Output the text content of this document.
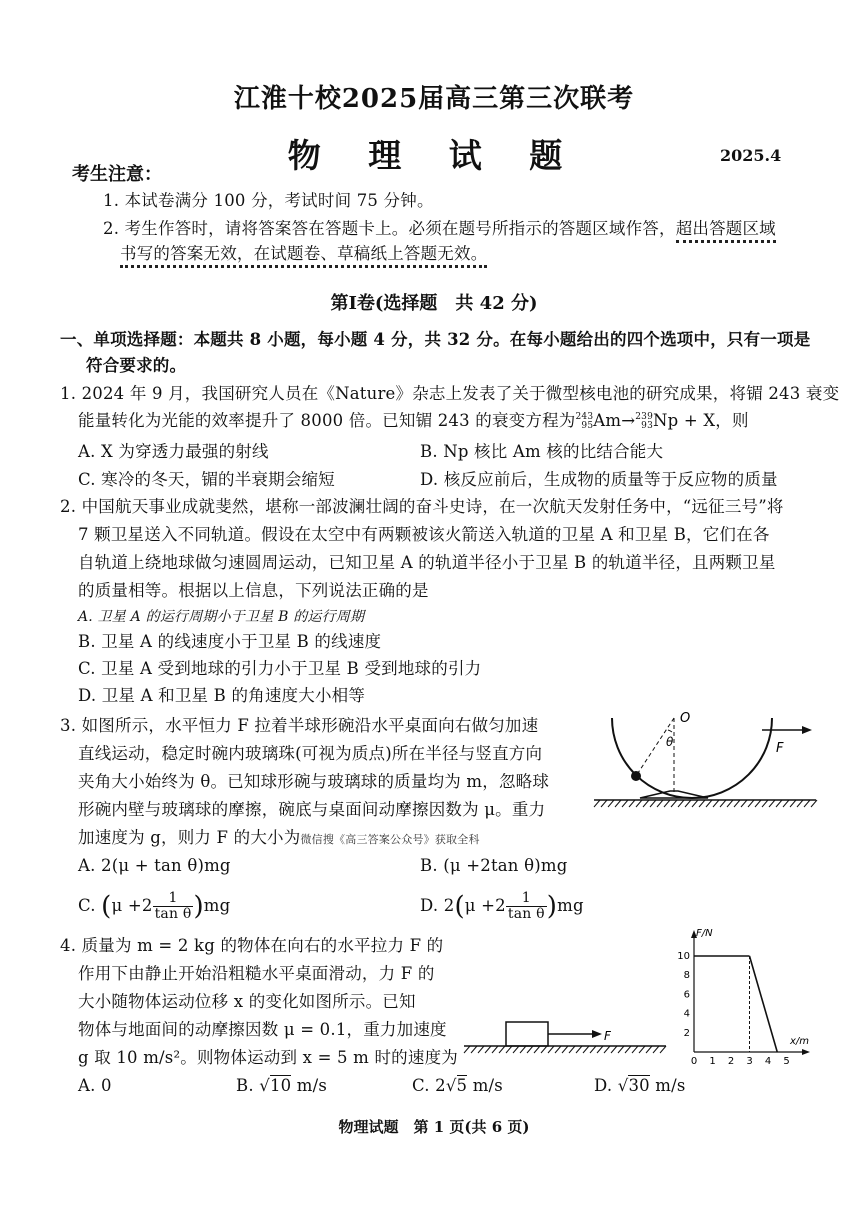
江淮十校2025届高三第三次联考
物 理 试 题	2025.4
考生注意：
1. 本试卷满分 100 分，考试时间 75 分钟。
2. 考生作答时，请将答案答在答题卡上。必须在题号所指示的答题区域作答，超出答题区域
书写的答案无效，在试题卷、草稿纸上答题无效。
第Ⅰ卷(选择题　共 42 分)
一、单项选择题：本题共 8 小题，每小题 4 分，共 32 分。在每小题给出的四个选项中，只有一项是
符合要求的。
1. 2024 年 9 月，我国研究人员在《Nature》杂志上发表了关于微型核电池的研究成果，将镅 243 衰变
能量转化为光能的效率提升了 8000 倍。已知镅 243 的衰变方程为 243
95 Am→ 239
93 Np + X，则
A. X 为穿透力最强的射线	B. Np 核比 Am 核的比结合能大
C. 寒冷的冬天，镅的半衰期会缩短	D. 核反应前后，生成物的质量等于反应物的质量
2. 中国航天事业成就斐然，堪称一部波澜壮阔的奋斗史诗，在一次航天发射任务中，“远征三号”将
7 颗卫星送入不同轨道。假设在太空中有两颗被该火箭送入轨道的卫星 A 和卫星 B，它们在各
自轨道上绕地球做匀速圆周运动，已知卫星 A 的轨道半径小于卫星 B 的轨道半径，且两颗卫星
的质量相等。根据以上信息，下列说法正确的是
A. 卫星 A 的运行周期小于卫星 B 的运行周期
B. 卫星 A 的线速度小于卫星 B 的线速度
C. 卫星 A 受到地球的引力小于卫星 B 受到地球的引力
D. 卫星 A 和卫星 B 的角速度大小相等
3. 如图所示，水平恒力 F 拉着半球形碗沿水平桌面向右做匀加速
直线运动，稳定时碗内玻璃珠(可视为质点)所在半径与竖直方向
夹角大小始终为 θ。已知球形碗与玻璃球的质量均为 m，忽略球
形碗内壁与玻璃球的摩擦，碗底与桌面间动摩擦因数为 μ。重力
加速度为 g，则力 F 的大小为微信搜《高三答案公众号》获取全科
O
θ	F
A. 2(μ + tan θ)mg	B. (μ +2tan θ)mg
C. $(\mu +2 \frac{1}{\text{tan θ}} )mg$	D. $2(\mu +2 \frac{1}{\text{tan θ}} )mg$
4. 质量为 m = 2 kg 的物体在向右的水平拉力 F 的
作用下由静止开始沿粗糙水平桌面滑动，力 F 的
大小随物体运动位移 x 的变化如图所示。已知
物体与地面间的动摩擦因数 μ = 0.1，重力加速度
g 取 10 m/s²。则物体运动到 x = 5 m 时的速度为
F
F/N
x/m
2
4
6
8
10
0 1 2 3 4 5
A. 0	B. √10 m/s	C. 2√5 m/s	D. √30 m/s
物理试题　第 1 页(共 6 页)
